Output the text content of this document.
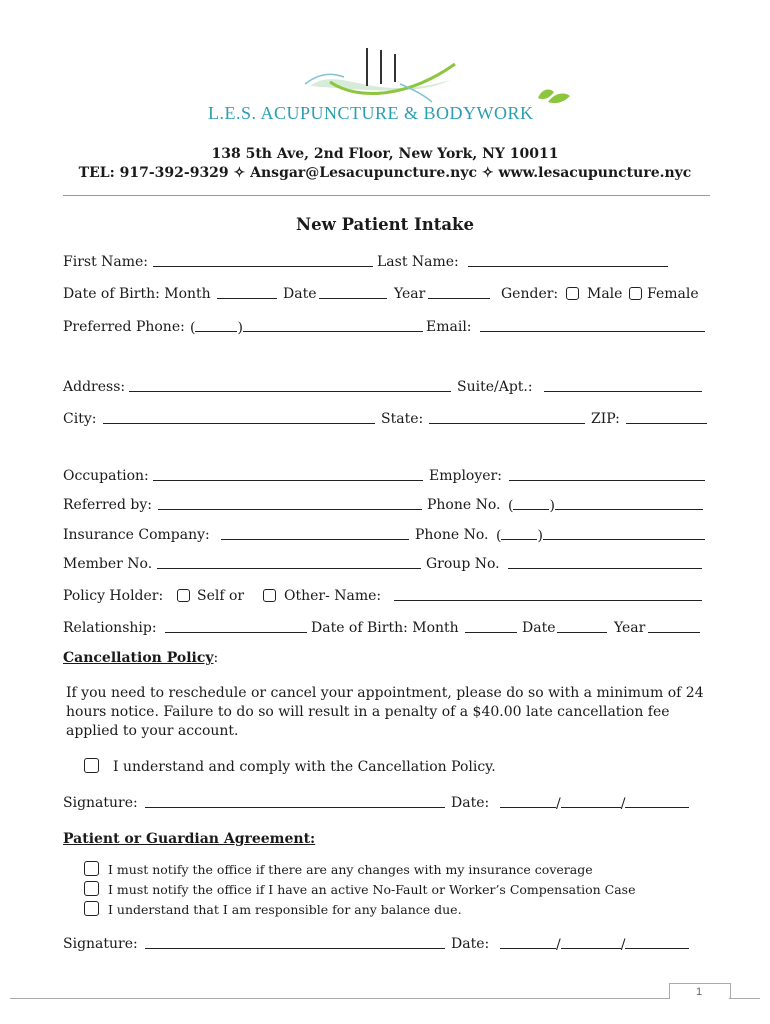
L.E.S. ACUPUNCTURE & BODYWORK
138 5th Ave, 2nd Floor, New York, NY 10011
TEL: 917-392-9329 ✧ Ansgar@Lesacupuncture.nyc ✧ www.lesacupuncture.nyc
New Patient Intake
First Name:	Last Name:
Date of Birth: Month	Date	Year	Gender: Male Female
Preferred Phone: (	)	Email:
Address:	Suite/Apt.:
City:	State:	ZIP:
Occupation:	Employer:
Referred by:	Phone No. (	)
Insurance Company:	Phone No. (	)
Member No.	Group No.
Policy Holder: Self or	Other- Name:
Relationship:	Date of Birth: Month	Date	Year
Cancellation Policy:
If you need to reschedule or cancel your appointment, please do so with a minimum of 24 hours notice. Failure to do so will result in a penalty of a $40.00 late cancellation fee applied to your account.
I understand and comply with the Cancellation Policy.
Signature:	Date:	/	/
Patient or Guardian Agreement:
I must notify the office if there are any changes with my insurance coverage
I must notify the office if I have an active No-Fault or Worker’s Compensation Case
I understand that I am responsible for any balance due.
Signature:	Date:	/	/
1
